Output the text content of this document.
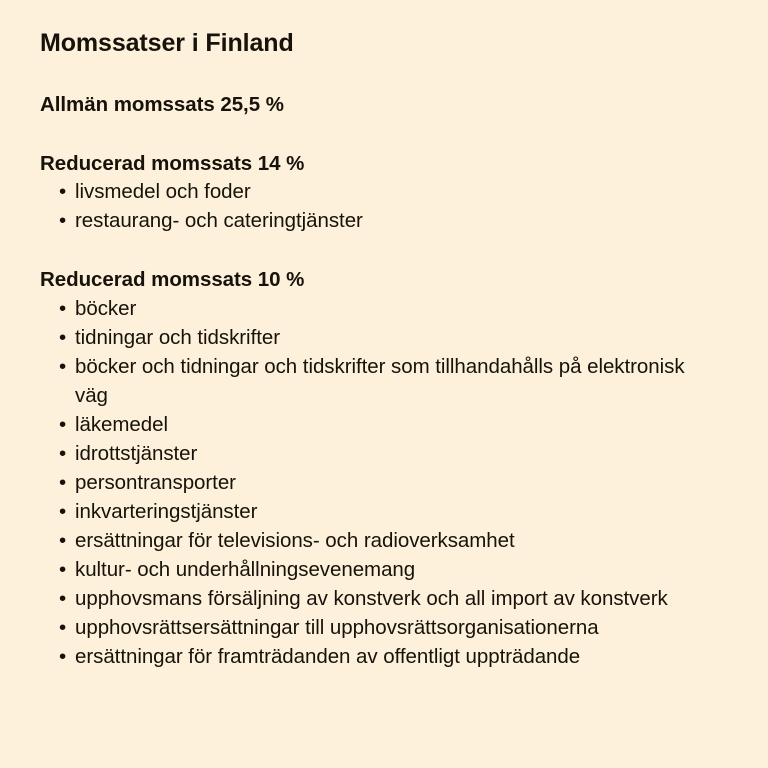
Momssatser i Finland
Allmän momssats 25,5 %
Reducerad momssats 14 %
• livsmedel och foder
• restaurang- och cateringtjänster
Reducerad momssats 10 %
• böcker
• tidningar och tidskrifter
• böcker och tidningar och tidskrifter som tillhandahålls på elektronisk väg
• läkemedel
• idrottstjänster
• persontransporter
• inkvarteringstjänster
• ersättningar för televisions- och radioverksamhet
• kultur- och underhållningsevenemang
• upphovsmans försäljning av konstverk och all import av konstverk
• upphovsrättsersättningar till upphovsrättsorganisationerna
• ersättningar för framträdanden av offentligt uppträdande
